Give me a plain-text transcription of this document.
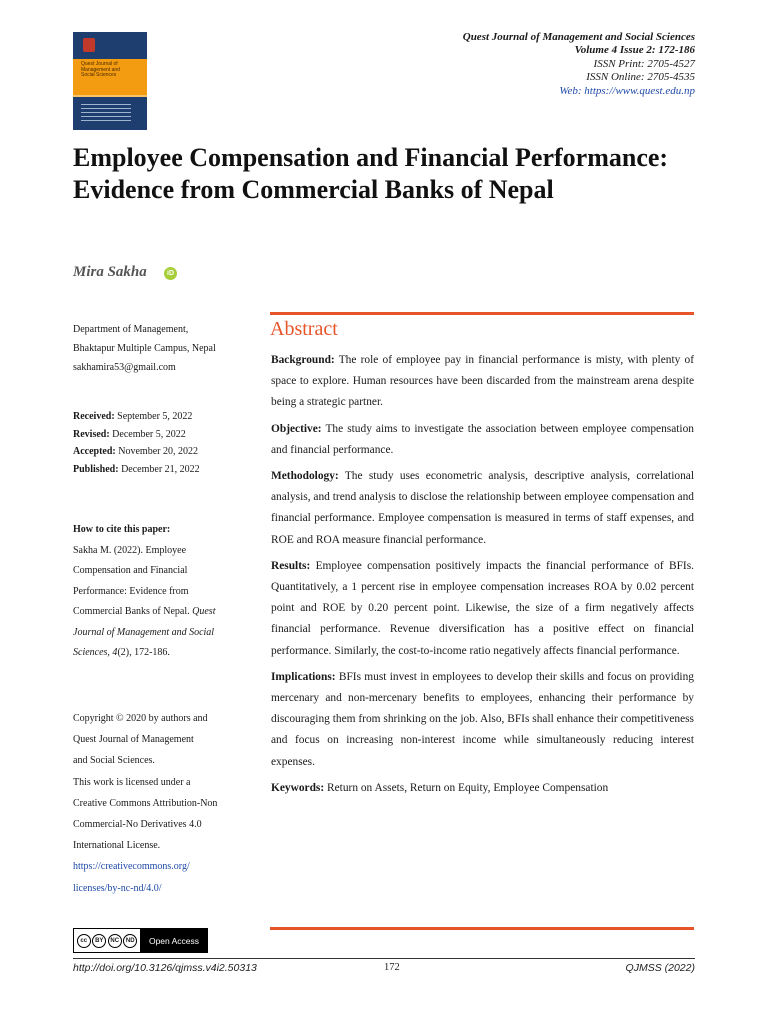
Quest Journal of
Management and
Social Sciences
Quest Journal of Management and Social Sciences
Volume 4 Issue 2: 172-186
ISSN Print: 2705-4527
ISSN Online: 2705-4535
Web: https://www.quest.edu.np
Employee Compensation and Financial Performance: Evidence from Commercial Banks of Nepal
Mira Sakha	iD
Department of Management,
Bhaktapur Multiple Campus, Nepal
sakhamira53@gmail.com
Received: September 5, 2022
Revised: December 5, 2022
Accepted: November 20, 2022
Published: December 21, 2022
How to cite this paper:
Sakha M. (2022). Employee
Compensation and Financial
Performance: Evidence from
Commercial Banks of Nepal. Quest
Journal of Management and Social
Sciences, 4(2), 172-186.
Copyright © 2020 by authors and
Quest Journal of Management
and Social Sciences.
This work is licensed under a
Creative Commons Attribution-Non
Commercial-No Derivatives 4.0
International License.
https://creativecommons.org/
licenses/by-nc-nd/4.0/
cc	BY	NC	ND	Open Access
Abstract

Background: The role of employee pay in financial performance is misty, with plenty of space to explore. Human resources have been discarded from the mainstream arena despite being a strategic partner.

Objective: The study aims to investigate the association between employee compensation and financial performance.

Methodology: The study uses econometric analysis, descriptive analysis, correlational analysis, and trend analysis to disclose the relationship between employee compensation and financial performance. Employee compensation is measured in terms of staff expenses, and ROE and ROA measure financial performance.

Results: Employee compensation positively impacts the financial performance of BFIs. Quantitatively, a 1 percent rise in employee compensation increases ROA by 0.02 percent point and ROE by 0.20 percent point. Likewise, the size of a firm negatively affects financial performance. Revenue diversification has a positive effect on financial performance. Similarly, the cost-to-income ratio negatively affects financial performance.

Implications: BFIs must invest in employees to develop their skills and focus on providing mercenary and non-mercenary benefits to employees, enhancing their performance by discouraging them from shrinking on the job. Also, BFIs shall enhance their competitiveness and focus on increasing non-interest income while simultaneously reducing interest expenses.

Keywords: Return on Assets, Return on Equity, Employee Compensation

http://doi.org/10.3126/qjmss.v4i2.50313	172	QJMSS (2022)
